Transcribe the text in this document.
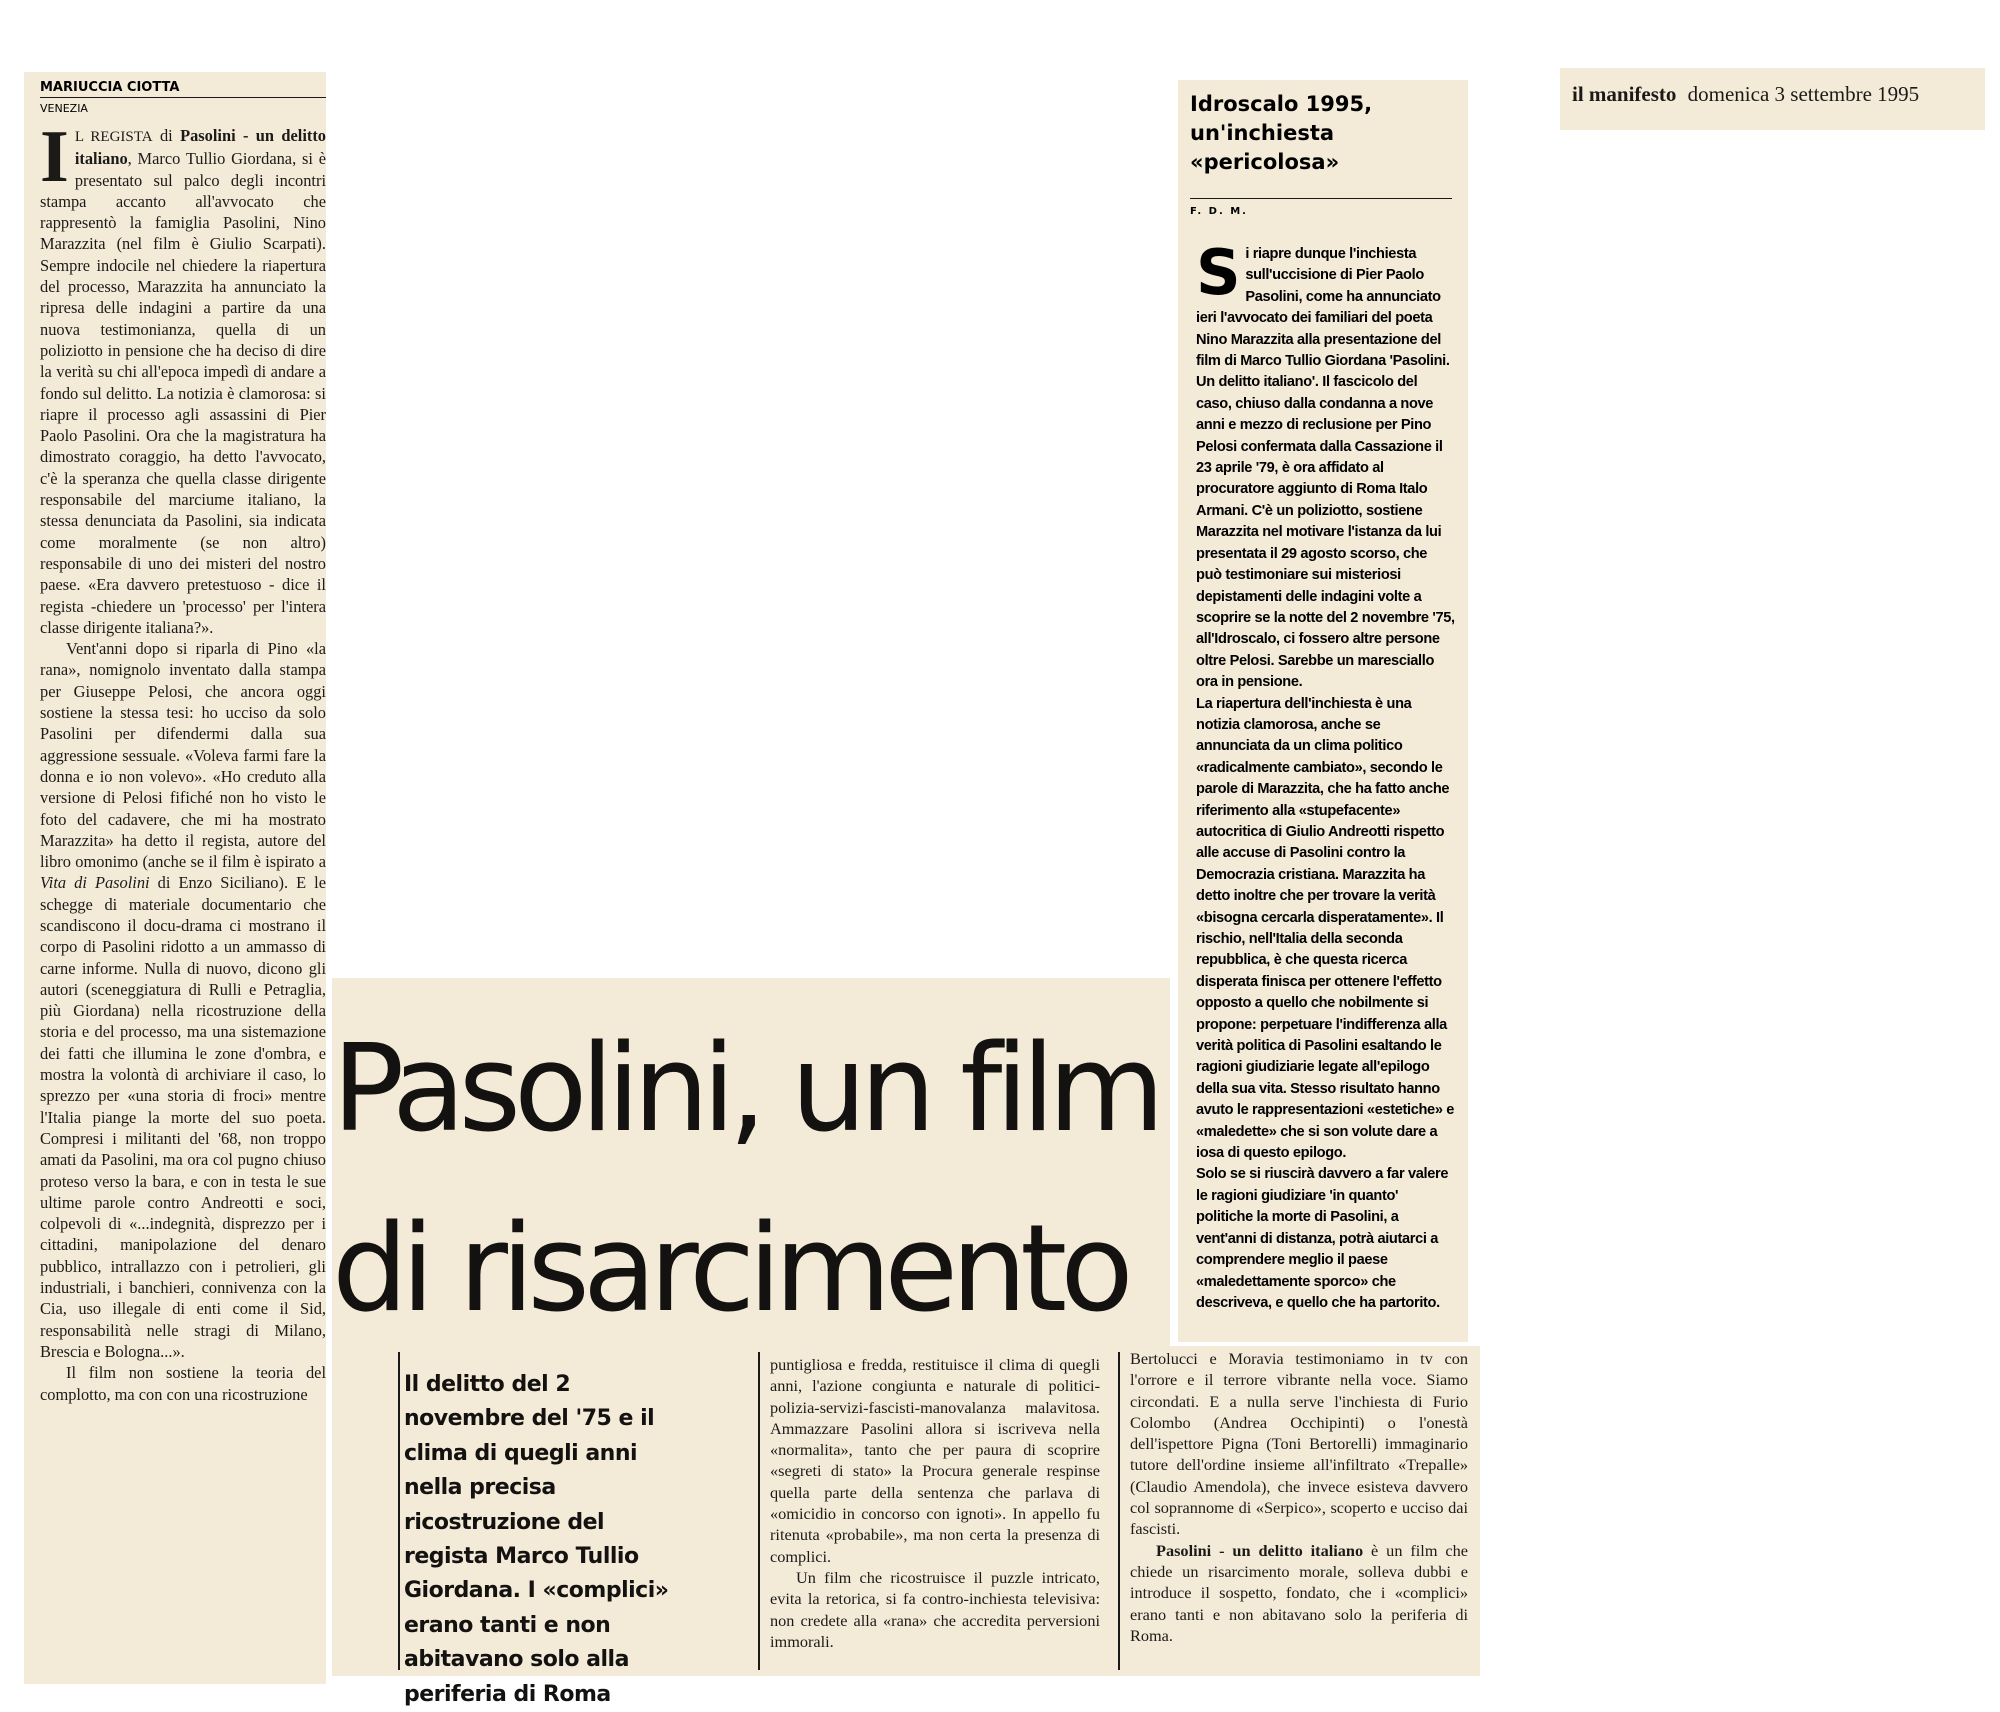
il manifesto domenica 3 settembre 1995
MARIUCCIA CIOTTA
VENEZIA

I L REGISTA di Pasolini - un delitto italiano, Marco Tullio Giordana, si è presentato sul palco degli incontri stampa accanto all'avvocato che rappresentò la famiglia Pasolini, Nino Marazzita (nel film è Giulio Scarpati). Sempre indocile nel chiedere la riapertura del processo, Marazzita ha annunciato la ripresa delle indagini a partire da una nuova testimonianza, quella di un poliziotto in pensione che ha deciso di dire la verità su chi all'epoca impedì di andare a fondo sul delitto. La notizia è clamorosa: si riapre il processo agli assassini di Pier Paolo Pasolini. Ora che la magistratura ha dimostrato coraggio, ha detto l'avvocato, c'è la speranza che quella classe dirigente responsabile del marciume italiano, la stessa denunciata da Pasolini, sia indicata come moralmente (se non altro) responsabile di uno dei misteri del nostro paese. «Era davvero pretestuoso - dice il regista -chiedere un 'processo' per l'intera classe dirigente italiana?».

Vent'anni dopo si riparla di Pino «la rana», nomignolo inventato dalla stampa per Giuseppe Pelosi, che ancora oggi sostiene la stessa tesi: ho ucciso da solo Pasolini per difendermi dalla sua aggressione sessuale. «Voleva farmi fare la donna e io non volevo». «Ho creduto alla versione di Pelosi fifiché non ho visto le foto del cadavere, che mi ha mostrato Marazzita» ha detto il regista, autore del libro omonimo (anche se il film è ispirato a Vita di Pasolini di Enzo Siciliano). E le schegge di materiale documentario che scandiscono il docu-drama ci mostrano il corpo di Pasolini ridotto a un ammasso di carne informe. Nulla di nuovo, dicono gli autori (sceneggiatura di Rulli e Petraglia, più Giordana) nella ricostruzione della storia e del processo, ma una sistemazione dei fatti che illumina le zone d'ombra, e mostra la volontà di archiviare il caso, lo sprezzo per «una storia di froci» mentre l'Italia piange la morte del suo poeta. Compresi i militanti del '68, non troppo amati da Pasolini, ma ora col pugno chiuso proteso verso la bara, e con in testa le sue ultime parole contro Andreotti e soci, colpevoli di «...indegnità, disprezzo per i cittadini, manipolazione del denaro pubblico, intrallazzo con i petrolieri, gli industriali, i banchieri, connivenza con la Cia, uso illegale di enti come il Sid, responsabilità nelle stragi di Milano, Brescia e Bologna...».

Il film non sostiene la teoria del complotto, ma con con una ricostruzione

Idroscalo 1995, un'inchiesta «pericolosa»
F. D. M.

Si riapre dunque l'inchiesta sull'uccisione di Pier Paolo Pasolini, come ha annunciato ieri l'avvocato dei familiari del poeta Nino Marazzita alla presentazione del film di Marco Tullio Giordana 'Pasolini. Un delitto italiano'. Il fascicolo del caso, chiuso dalla condanna a nove anni e mezzo di reclusione per Pino Pelosi confermata dalla Cassazione il 23 aprile '79, è ora affidato al procuratore aggiunto di Roma Italo Armani. C'è un poliziotto, sostiene Marazzita nel motivare l'istanza da lui presentata il 29 agosto scorso, che può testimoniare sui misteriosi depistamenti delle indagini volte a scoprire se la notte del 2 novembre '75, all'Idroscalo, ci fossero altre persone oltre Pelosi. Sarebbe un maresciallo ora in pensione.

La riapertura dell'inchiesta è una notizia clamorosa, anche se annunciata da un clima politico «radicalmente cambiato», secondo le parole di Marazzita, che ha fatto anche riferimento alla «stupefacente» autocritica di Giulio Andreotti rispetto alle accuse di Pasolini contro la Democrazia cristiana. Marazzita ha detto inoltre che per trovare la verità «bisogna cercarla disperatamente». Il rischio, nell'Italia della seconda repubblica, è che questa ricerca disperata finisca per ottenere l'effetto opposto a quello che nobilmente si propone: perpetuare l'indifferenza alla verità politica di Pasolini esaltando le ragioni giudiziarie legate all'epilogo della sua vita. Stesso risultato hanno avuto le rappresentazioni «estetiche» e «maledette» che si son volute dare a iosa di questo epilogo.

Solo se si riuscirà davvero a far valere le ragioni giudiziare 'in quanto' politiche la morte di Pasolini, a vent'anni di distanza, potrà aiutarci a comprendere meglio il paese «maledettamente sporco» che descriveva, e quello che ha partorito.

Pasolini, un film
di risarcimento
Il delitto del 2 novembre del '75 e il clima di quegli anni nella precisa ricostruzione del regista Marco Tullio Giordana. I «complici» erano tanti e non abitavano solo alla periferia di Roma

puntigliosa e fredda, restituisce il clima di quegli anni, l'azione congiunta e naturale di politici-polizia-servizi-fascisti-manovalanza malavitosa. Ammazzare Pasolini allora si iscriveva nella «normalita», tanto che per paura di scoprire «segreti di stato» la Procura generale respinse quella parte della sentenza che parlava di «omicidio in concorso con ignoti». In appello fu ritenuta «probabile», ma non certa la presenza di complici.

Un film che ricostruisce il puzzle intricato, evita la retorica, si fa contro-inchiesta televisiva: non credete alla «rana» che accredita perversioni immorali.

Bertolucci e Moravia testimoniamo in tv con l'orrore e il terrore vibrante nella voce. Siamo circondati. E a nulla serve l'inchiesta di Furio Colombo (Andrea Occhipinti) o l'onestà dell'ispettore Pigna (Toni Bertorelli) immaginario tutore dell'ordine insieme all'infiltrato «Trepalle» (Claudio Amendola), che invece esisteva davvero col soprannome di «Serpico», scoperto e ucciso dai fascisti.

Pasolini - un delitto italiano è un film che chiede un risarcimento morale, solleva dubbi e introduce il sospetto, fondato, che i «complici» erano tanti e non abitavano solo la periferia di Roma.
